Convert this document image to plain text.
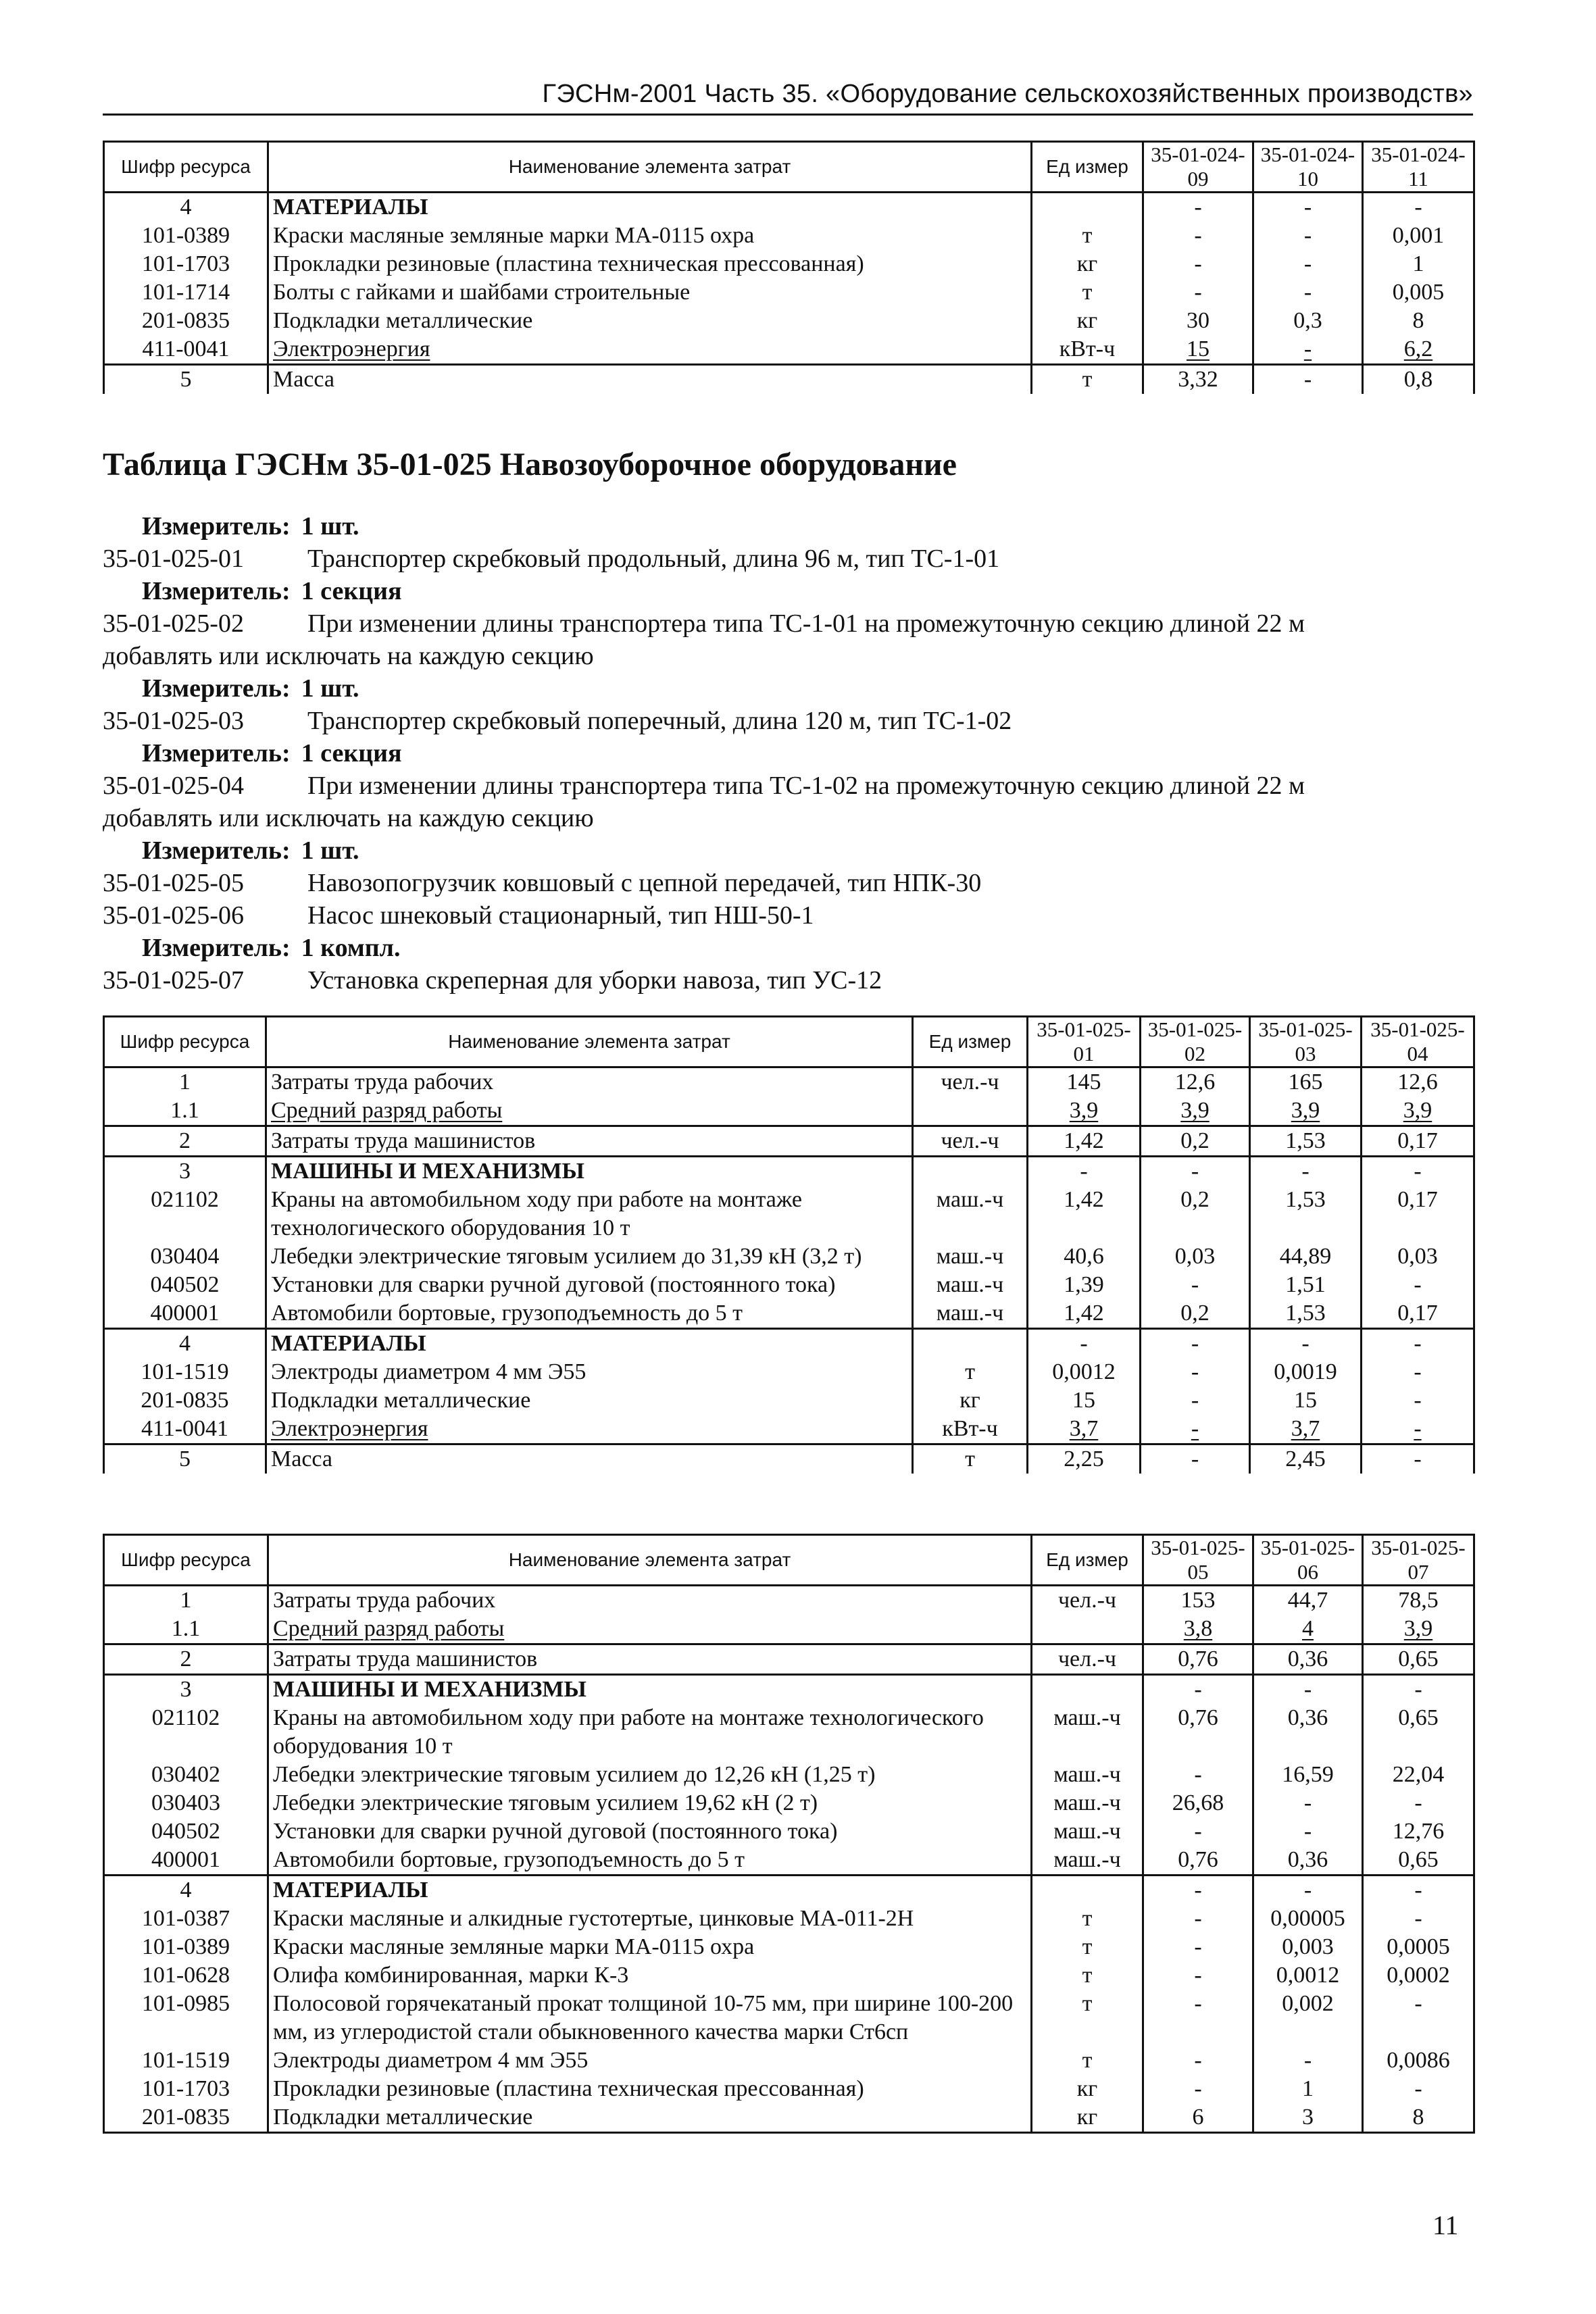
ГЭСНм-2001 Часть 35. «Оборудование сельскохозяйственных производств»
Шифр ресурса	Наименование элемента затрат	Ед измер	35-01-024-09	35-01-024-10	35-01-024-11
4	МАТЕРИАЛЫ		-	-	-
101-0389	Краски масляные земляные марки МА-0115 охра	т	-	-	0,001
101-1703	Прокладки резиновые (пластина техническая прессованная)	кг	-	-	1
101-1714	Болты с гайками и шайбами строительные	т	-	-	0,005
201-0835	Подкладки металлические	кг	30	0,3	8
411-0041	Электроэнергия	кВт-ч	15	-	6,2
5	Масса	т	3,32	-	0,8
Таблица ГЭСНм 35-01-025 Навозоуборочное оборудование
Измеритель: 1 шт.
35-01-025-01	Транспортер скребковый продольный, длина 96 м, тип ТС-1-01
Измеритель: 1 секция
35-01-025-02	При изменении длины транспортера типа ТС-1-01 на промежуточную секцию длиной 22 м
добавлять или исключать на каждую секцию
Измеритель: 1 шт.
35-01-025-03	Транспортер скребковый поперечный, длина 120 м, тип ТС-1-02
Измеритель: 1 секция
35-01-025-04	При изменении длины транспортера типа ТС-1-02 на промежуточную секцию длиной 22 м
добавлять или исключать на каждую секцию
Измеритель: 1 шт.
35-01-025-05	Навозопогрузчик ковшовый с цепной передачей, тип НПК-30
35-01-025-06	Насос шнековый стационарный, тип НШ-50-1
Измеритель: 1 компл.
35-01-025-07	Установка скреперная для уборки навоза, тип УС-12
Шифр ресурса	Наименование элемента затрат	Ед измер	35-01-025-01	35-01-025-02	35-01-025-03	35-01-025-04
1	Затраты труда рабочих	чел.-ч	145	12,6	165	12,6
1.1	Средний разряд работы		3,9	3,9	3,9	3,9
2	Затраты труда машинистов	чел.-ч	1,42	0,2	1,53	0,17
3	МАШИНЫ И МЕХАНИЗМЫ		-	-	-	-
021102	Краны на автомобильном ходу при работе на монтаже технологического оборудования 10 т	маш.-ч	1,42	0,2	1,53	0,17
030404	Лебедки электрические тяговым усилием до 31,39 кН (3,2 т)	маш.-ч	40,6	0,03	44,89	0,03
040502	Установки для сварки ручной дуговой (постоянного тока)	маш.-ч	1,39	-	1,51	-
400001	Автомобили бортовые, грузоподъемность до 5 т	маш.-ч	1,42	0,2	1,53	0,17
4	МАТЕРИАЛЫ		-	-	-	-
101-1519	Электроды диаметром 4 мм Э55	т	0,0012	-	0,0019	-
201-0835	Подкладки металлические	кг	15	-	15	-
411-0041	Электроэнергия	кВт-ч	3,7	-	3,7	-
5	Масса	т	2,25	-	2,45	-
Шифр ресурса	Наименование элемента затрат	Ед измер	35-01-025-05	35-01-025-06	35-01-025-07
1	Затраты труда рабочих	чел.-ч	153	44,7	78,5
1.1	Средний разряд работы		3,8	4	3,9
2	Затраты труда машинистов	чел.-ч	0,76	0,36	0,65
3	МАШИНЫ И МЕХАНИЗМЫ		-	-	-
021102	Краны на автомобильном ходу при работе на монтаже технологического оборудования 10 т	маш.-ч	0,76	0,36	0,65
030402	Лебедки электрические тяговым усилием до 12,26 кН (1,25 т)	маш.-ч	-	16,59	22,04
030403	Лебедки электрические тяговым усилием 19,62 кН (2 т)	маш.-ч	26,68	-	-
040502	Установки для сварки ручной дуговой (постоянного тока)	маш.-ч	-	-	12,76
400001	Автомобили бортовые, грузоподъемность до 5 т	маш.-ч	0,76	0,36	0,65
4	МАТЕРИАЛЫ		-	-	-
101-0387	Краски масляные и алкидные густотертые, цинковые МА-011-2Н	т	-	0,00005	-
101-0389	Краски масляные земляные марки МА-0115 охра	т	-	0,003	0,0005
101-0628	Олифа комбинированная, марки К-3	т	-	0,0012	0,0002
101-0985	Полосовой горячекатаный прокат толщиной 10-75 мм, при ширине 100-200 мм, из углеродистой стали обыкновенного качества марки Ст6сп	т	-	0,002	-
101-1519	Электроды диаметром 4 мм Э55	т	-	-	0,0086
101-1703	Прокладки резиновые (пластина техническая прессованная)	кг	-	1	-
201-0835	Подкладки металлические	кг	6	3	8
11
